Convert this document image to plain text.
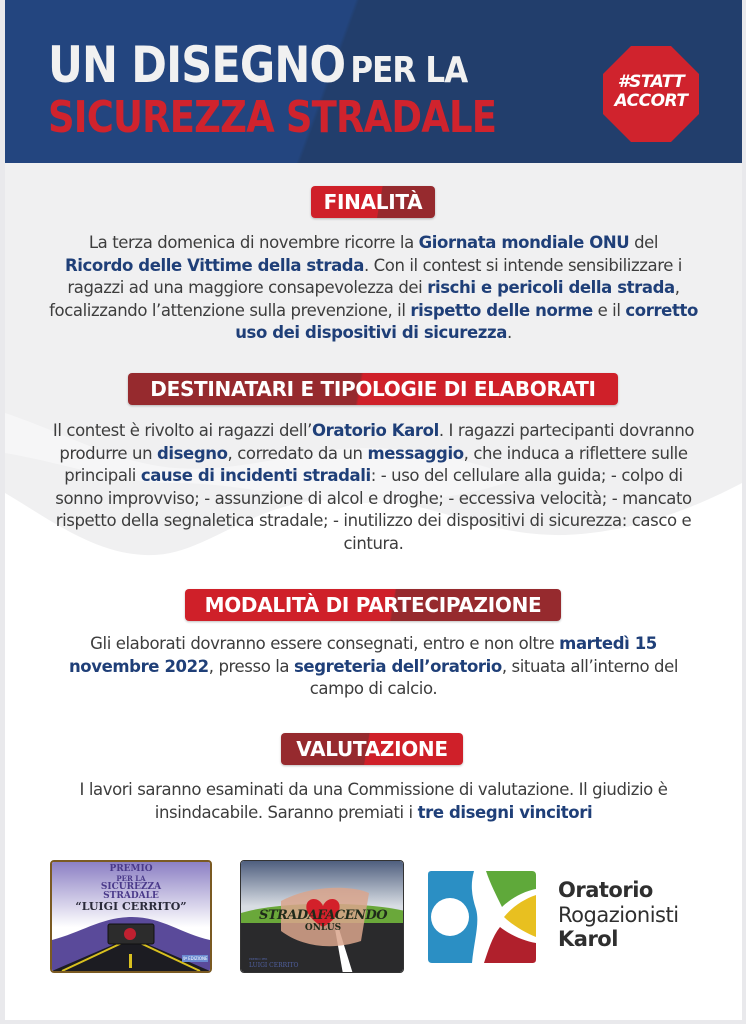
UN DISEGNO PER LA
SICUREZZA STRADALE
#STATT
ACCORT
FINALITÀ
La terza domenica di novembre ricorre la Giornata mondiale ONU del
Ricordo delle Vittime della strada. Con il contest si intende sensibilizzare i ragazzi ad una maggiore consapevolezza dei rischi e pericoli della strada, focalizzando l’attenzione sulla prevenzione, il rispetto delle norme e il corretto uso dei dispositivi di sicurezza.
DESTINATARI E TIPOLOGIE DI ELABORATI
Il contest è rivolto ai ragazzi dell’Oratorio Karol. I ragazzi partecipanti dovranno produrre un disegno, corredato da un messaggio, che induca a riflettere sulle principali cause di incidenti stradali: - uso del cellulare alla guida; - colpo di sonno improvviso; - assunzione di alcol e droghe; - eccessiva velocità; - mancato rispetto della segnaletica stradale; - inutilizzo dei dispositivi di sicurezza: casco e cintura.
MODALITÀ DI PARTECIPAZIONE
Gli elaborati dovranno essere consegnati, entro e non oltre martedì 15 novembre 2022, presso la segreteria dell’oratorio, situata all’interno del campo di calcio.
VALUTAZIONE
I lavori saranno esaminati da una Commissione di valutazione. Il giudizio è insindacabile. Saranno premiati i tre disegni vincitori
PREMIO
PER LA
SICUREZZA
STRADALE
“LUIGI CERRITO”
4ª EDIZIONE
STRADAFACENDO
ONLUS
PREMIO PER
LUIGI CERRITO
Oratorio
Rogazionisti
Karol
